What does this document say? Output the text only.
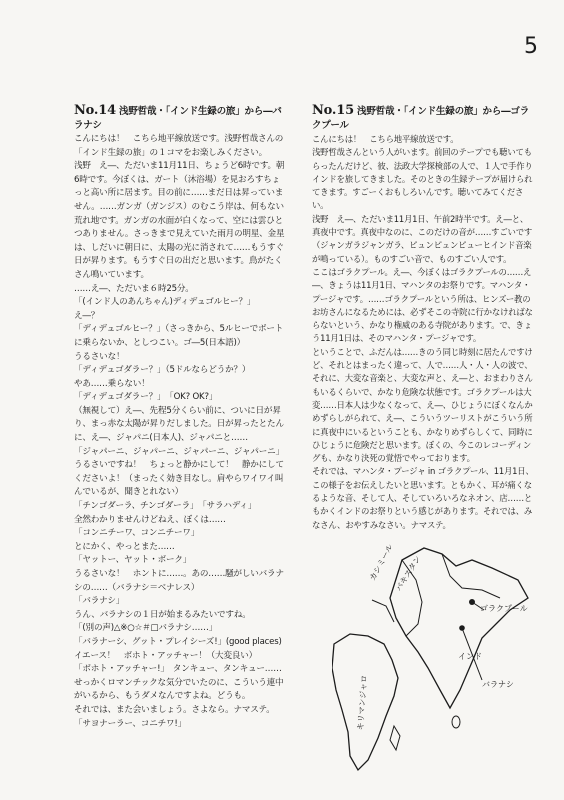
5

No.14 浅野哲哉・「インド生録の旅」から―バラナシ

こんにちは！　こちら地平線放送です。浅野哲哉さんの「インド生録の旅」の１コマをお楽しみください。

浅野　え―、ただいま11月11日、ちょうど6時です。朝6時です。今ぼくは、ガート（沐浴場）を見おろすちょっと高い所に居ます。目の前に……まだ日は昇っていません。……ガンガ（ガンジス）のむこう岸は、何もない荒れ地です。ガンガの水面が白くなって、空には雲ひとつありません。さっきまで見えていた雨月の明星、金星は、しだいに朝日に、太陽の光に消されて……もうすぐ日が昇ります。もうすぐ日の出だと思います。鳥がたくさん鳴いています。

……え―、ただいま６時25分。

「(インド人のあんちゃん)ディデュゴルヒー？」

え―？

「ディデュゴルヒー？」（さっきから、5ルヒーでボートに乗らないか、としつこい。ゴ―5(日本語)）

うるさいな！

「ディデュゴダラー？」（5ドルならどうか？）

やあ……乗らない！

「ディデュゴダラー？」　「OK? OK?」

（無視して）え―、先程5分くらい前に、ついに日が昇り、まっ赤な太陽が昇りだしました。日が昇ったとたんに、え―、ジャパニ(日本人)、ジャパニと……

「ジャパーニ、ジャパーニ、ジャパーニ、ジャパーニ」

うるさいですね！　ちょっと静かにして！　静かにしてくださいよ！（まったく効き目なし。肩やらワイワイ叫んでいるが、聞きとれない）

「チンゴダーラ、チンゴダーラ」　「サラハディ」

全然わかりませんけどねえ、ぼくは……

「コンニチーワ、コンニチーワ」

とにかく、やっとまた……

「ヤットー、ヤット・ボーク」

うるさいな！　ホントに……。あの……騒がしいバラナシの……（バラナシ＝ベナレス）

「バラナシ」

うん、バラナシの１日が始まるみたいですね。

「(別の声)△※○☆＃□バラナシ……」

「バラナーシ、グット・プレイシーズ!」(good places)

イエース！　ボホト・アッチャー！（大変良い）

「ボホト・アッチャー!」　タンキュー、タンキュー……

せっかくロマンチックな気分でいたのに、こういう連中がいるから、もうダメなんですよね。どうも。

それでは、また会いましょう。さよなら。ナマステ。

「サヨナーラー、コニチワ!」

No.15 浅野哲哉・「インド生録の旅」から―ゴラクプール

こんにちは！　こちら地平線放送です。

浅野哲哉さんという人がいます。前回のテープでも聴いてもらったんだけど、彼、法政大学探検部の人で、１人で手作りインドを旅してきました。そのときの生録テープが届けられてきます。すごーくおもしろいんです。聴いてみてください。

浅野　え―、ただいま11月1日、午前2時半です。え―と、真夜中です。真夜中なのに、このだけの音が……すごいです（ジャンガラジャンガラ、ピュンピュンピューヒインド音楽が鳴っている）。ものすごい音で、ものすごい人です。

ここはゴラクプール。え―、今ぼくはゴラクプールの……え―、きょうは11月1日、マハンタのお祭りです。マハンタ・プージャです。……ゴラクプールという所は、ヒンズー教のお坊さんになるためには、必ずそこの寺院に行かなければならないという、かなり権威のある寺院があります。で、きょう11月1日は、そのマハンタ・プージャです。

ということで、ふだんは……きのう同じ時刻に居たんですけど、それとはまったく違って、人で……人・人・人の波で、それに、大変な音楽と、大変な声と、え―と、おまわりさんもいるくらいで、かなり危険な状態です。ゴラクプールは大変……日本人は少なくなって、え―、ひじょうにぼくなんかめずらしがられて、え―、こういうツーリストがこういう所に真夜中にいるということも、かなりめずらしくて、同時にひじょうに危険だと思います。ぼくの、今このレコーディングも、かなり決死の覚悟でやっております。

それでは、マハンタ・プージャ in ゴラクプール、11月1日、この様子をお伝えしたいと思います。ともかく、耳が痛くなるような音、そして人、そしていろいろなネオン、店……ともかくインドのお祭りという感じがあります。それでは、みなさん、おやすみなさい。ナマステ。

カシミール パキスタン
ゴラクプール
インド
バラナシ
キリマンジャロ
